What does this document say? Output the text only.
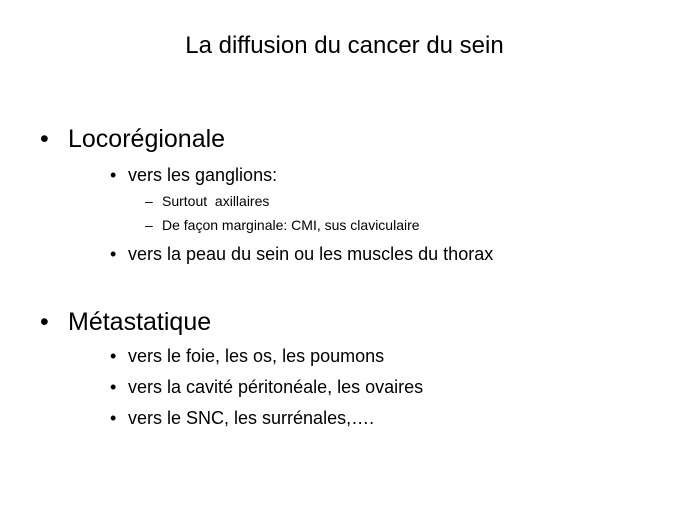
La diffusion du cancer du sein
• Locorégionale
• vers les ganglions:
– Surtout  axillaires
– De façon marginale: CMI, sus claviculaire
• vers la peau du sein ou les muscles du thorax
• Métastatique
• vers le foie, les os, les poumons
• vers la cavité péritonéale, les ovaires
• vers le SNC, les surrénales,….
